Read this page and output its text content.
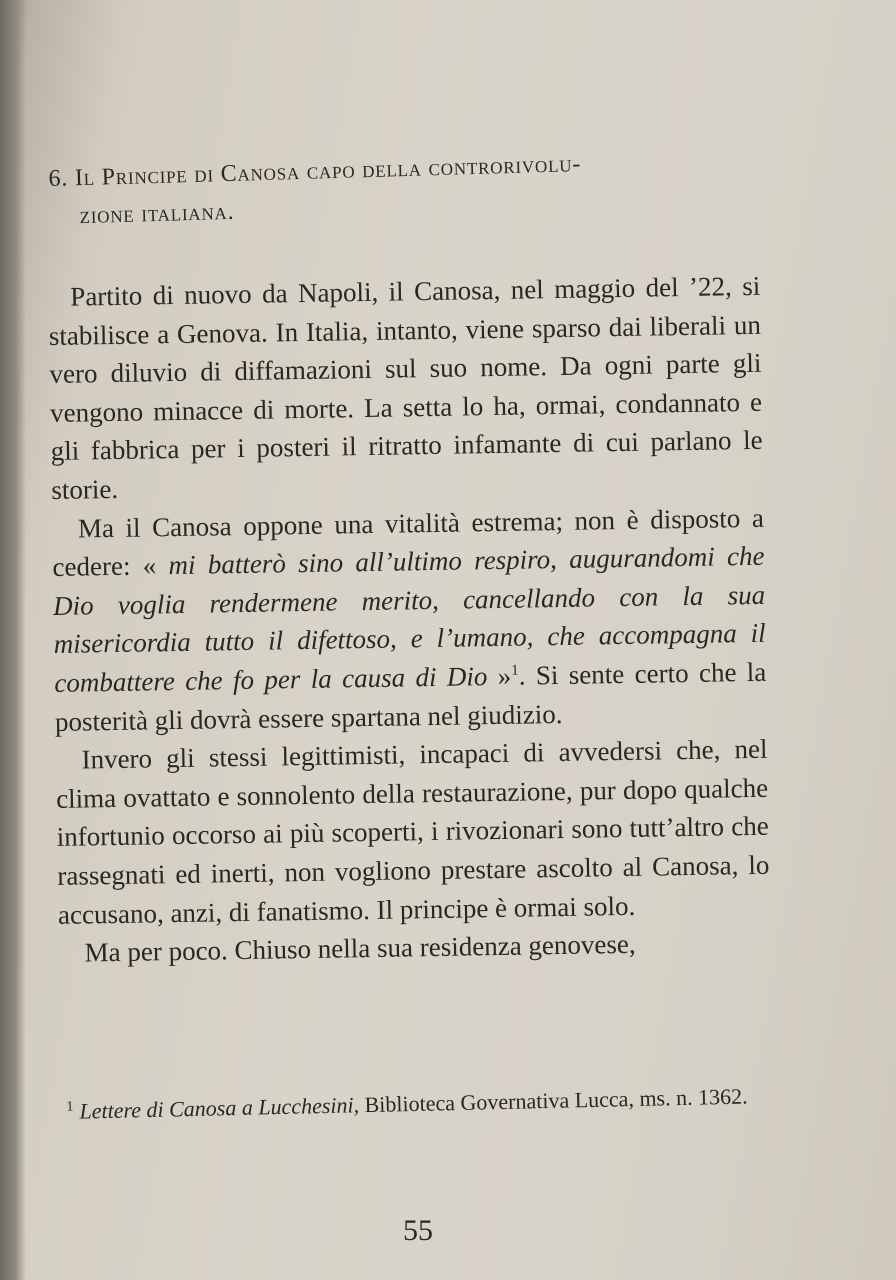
6. Il Principe di Canosa capo della controrivolu-
zione italiana.

Partito di nuovo da Napoli, il Canosa, nel maggio del ’22, si stabilisce a Genova. In Italia, intanto, viene sparso dai liberali un vero diluvio di diffamazioni sul suo nome. Da ogni parte gli vengono minacce di morte. La setta lo ha, ormai, condannato e gli fabbrica per i posteri il ritratto infamante di cui parlano le storie.

Ma il Canosa oppone una vitalità estrema; non è disposto a cedere: « mi batterò sino all’ultimo respiro, augurandomi che Dio voglia rendermene merito, cancellando con la sua misericordia tutto il difettoso, e l’umano, che accompagna il combattere che fo per la causa di Dio »$^1$. Si sente certo che la posterità gli dovrà essere spartana nel giudizio.

Invero gli stessi legittimisti, incapaci di avvedersi che, nel clima ovattato e sonnolento della restaurazione, pur dopo qualche infortunio occorso ai più scoperti, i rivozionari sono tutt’altro che rassegnati ed inerti, non vogliono prestare ascolto al Canosa, lo accusano, anzi, di fanatismo. Il principe è ormai solo.

Ma per poco. Chiuso nella sua residenza genovese,

$^1$ Lettere di Canosa a Lucchesini, Biblioteca Governativa Lucca, ms. n. 1362.
55
